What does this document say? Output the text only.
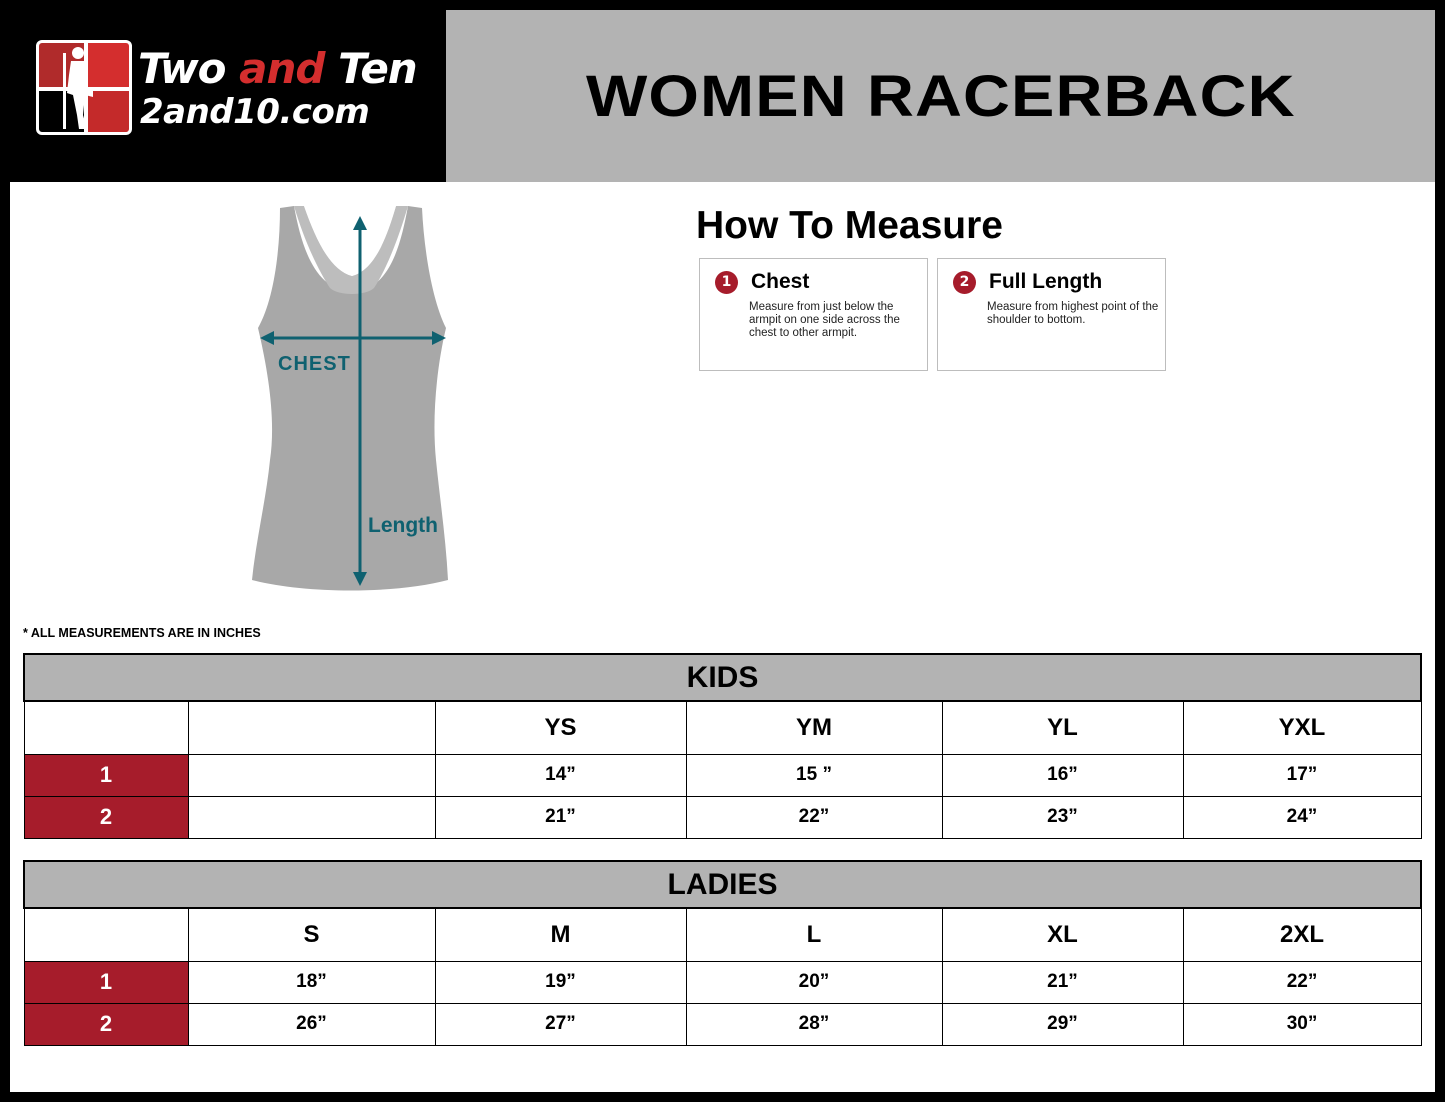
Two and Ten
2and10.com	WOMEN RACERBACK
CHEST
Length
How To Measure
1 Chest
Measure from just below the armpit on one side across the chest to other armpit.
2 Full Length
Measure from highest point of the shoulder to bottom.
* ALL MEASUREMENTS ARE IN INCHES
KIDS					
		YS	YM	YL	YXL
1		14”	15 ”	16”	17”
2		21”	22”	23”	24”
LADIES					
	S	M	L	XL	2XL
1	18”	19”	20”	21”	22”
2	26”	27”	28”	29”	30”
